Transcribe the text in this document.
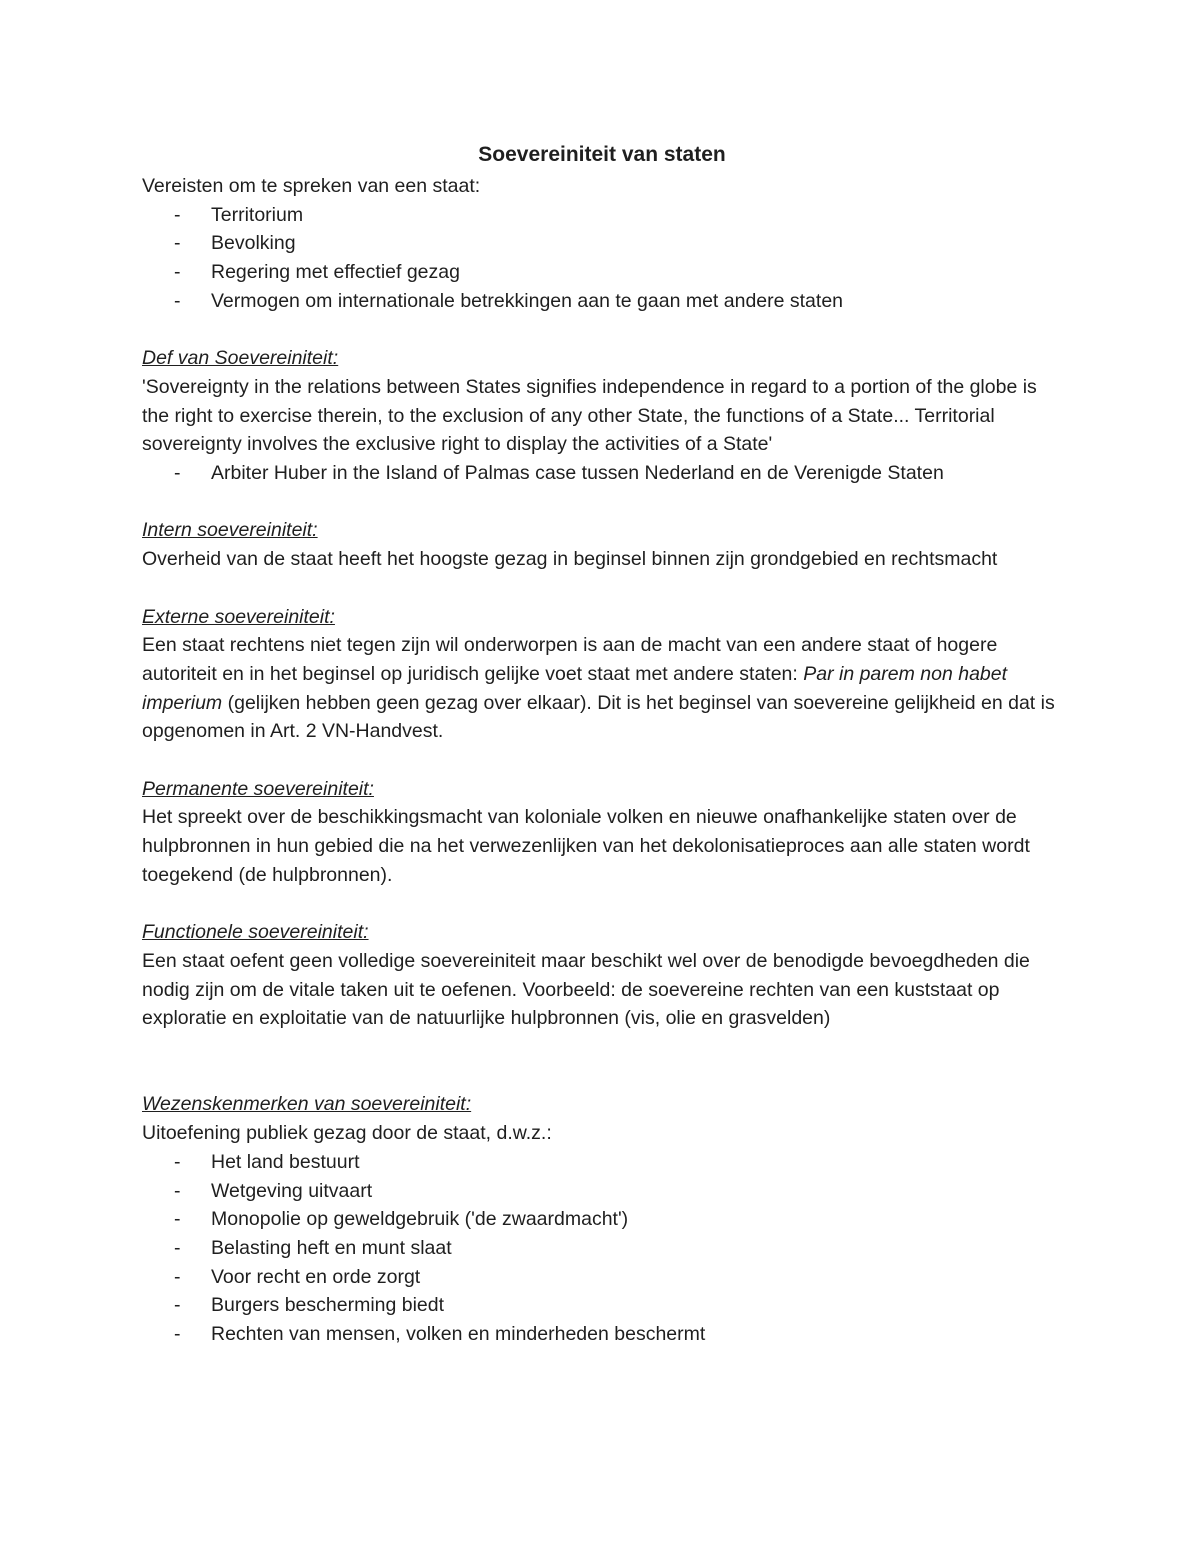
Soevereiniteit van staten

Vereisten om te spreken van een staat:

- Territorium
- Bevolking
- Regering met effectief gezag
- Vermogen om internationale betrekkingen aan te gaan met andere staten

Def van Soevereiniteit:

'Sovereignty in the relations between States signifies independence in regard to a portion of the globe is the right to exercise therein, to the exclusion of any other State, the functions of a State... Territorial sovereignty involves the exclusive right to display the activities of a State'

- Arbiter Huber in the Island of Palmas case tussen Nederland en de Verenigde Staten

Intern soevereiniteit:

Overheid van de staat heeft het hoogste gezag in beginsel binnen zijn grondgebied en rechtsmacht

Externe soevereiniteit:

Een staat rechtens niet tegen zijn wil onderworpen is aan de macht van een andere staat of hogere autoriteit en in het beginsel op juridisch gelijke voet staat met andere staten: Par in parem non habet imperium (gelijken hebben geen gezag over elkaar). Dit is het beginsel van soevereine gelijkheid en dat is opgenomen in Art. 2 VN-Handvest.

Permanente soevereiniteit:

Het spreekt over de beschikkingsmacht van koloniale volken en nieuwe onafhankelijke staten over de hulpbronnen in hun gebied die na het verwezenlijken van het dekolonisatieproces aan alle staten wordt toegekend (de hulpbronnen).

Functionele soevereiniteit:

Een staat oefent geen volledige soevereiniteit maar beschikt wel over de benodigde bevoegdheden die nodig zijn om de vitale taken uit te oefenen. Voorbeeld: de soevereine rechten van een kuststaat op exploratie en exploitatie van de natuurlijke hulpbronnen (vis, olie en grasvelden)

Wezenskenmerken van soevereiniteit:

Uitoefening publiek gezag door de staat, d.w.z.:

- Het land bestuurt
- Wetgeving uitvaart
- Monopolie op geweldgebruik ('de zwaardmacht')
- Belasting heft en munt slaat
- Voor recht en orde zorgt
- Burgers bescherming biedt
- Rechten van mensen, volken en minderheden beschermt
